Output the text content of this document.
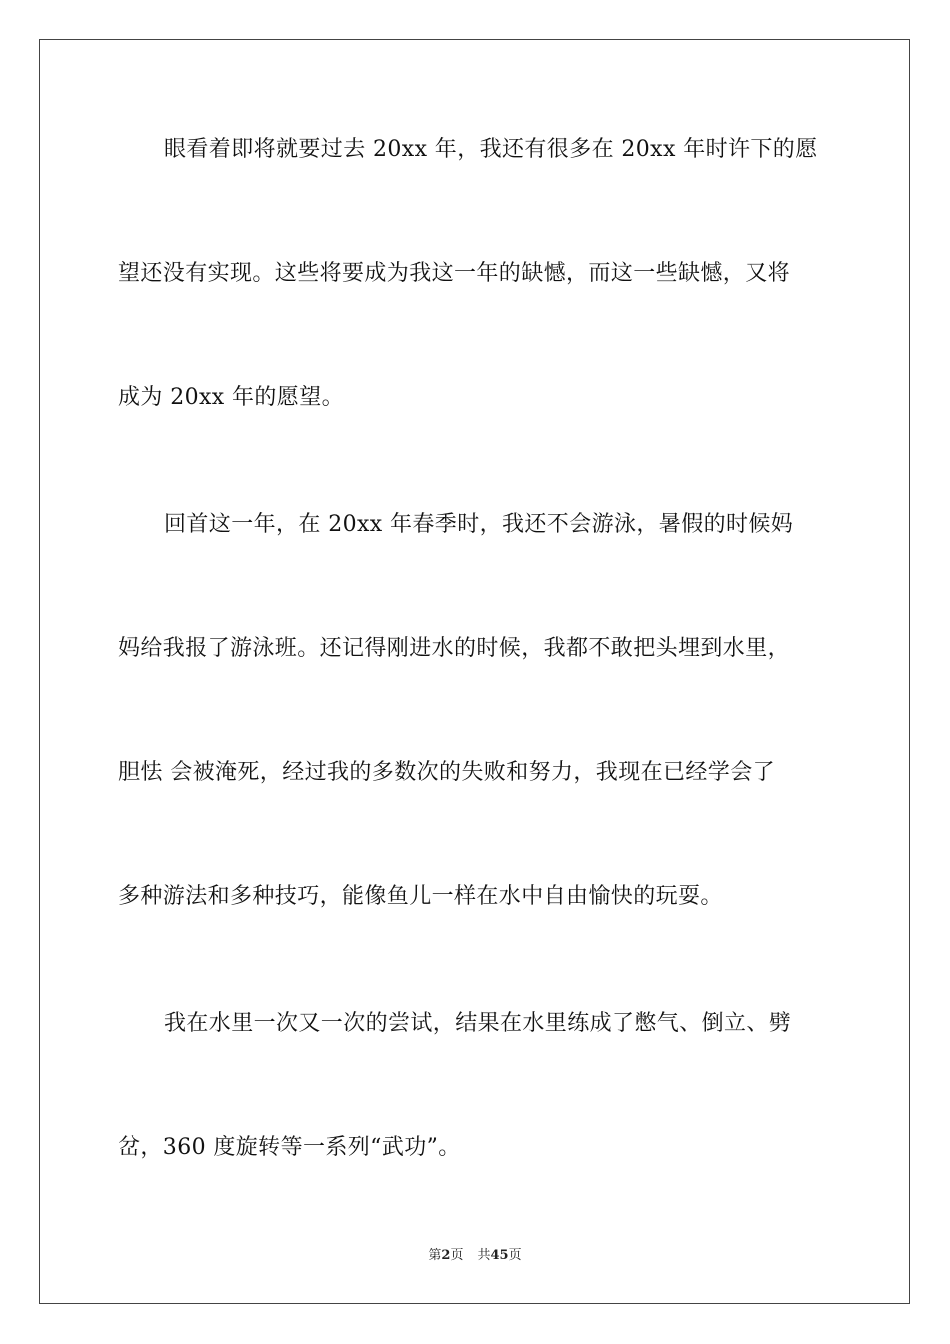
眼看着即将就要过去 20xx 年，我还有很多在 20xx 年时许下的愿
望还没有实现。这些将要成为我这一年的缺憾，而这一些缺憾，又将
成为 20xx 年的愿望。
回首这一年，在 20xx 年春季时，我还不会游泳，暑假的时候妈
妈给我报了游泳班。还记得刚进水的时候，我都不敢把头埋到水里，
胆怯 会被淹死，经过我的多数次的失败和努力，我现在已经学会了
多种游法和多种技巧，能像鱼儿一样在水中自由愉快的玩耍。
我在水里一次又一次的尝试，结果在水里练成了憋气、倒立、劈
岔，360 度旋转等一系列“武功”。
第2页 共45页
